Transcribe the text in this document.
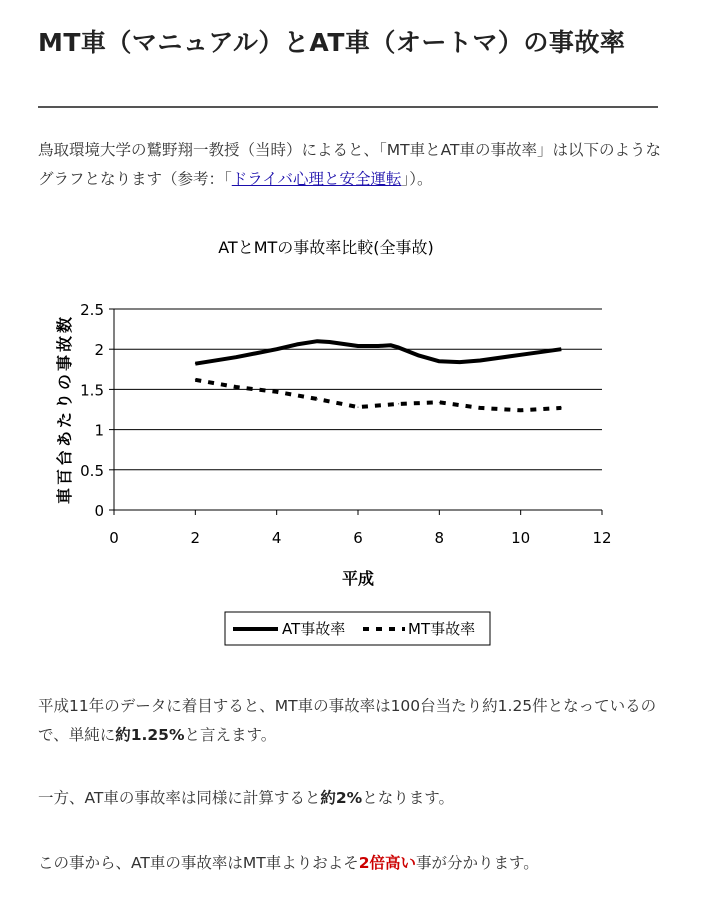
MT車（マニュアル）とAT車（オートマ）の事故率

鳥取環境大学の鷲野翔一教授（当時）によると、「MT車とAT車の事故率」は以下のようなグラフとなります（参考：「ドライバ心理と安全運転」）。

ATとMTの事故率比較(全事故)
0
0.5
1
1.5
2
2.5
0	2	4	6	8	10	12
平成
車百台あたりの事故数
AT事故率	MT事故率

平成11年のデータに着目すると、MT車の事故率は100台当たり約1.25件となっているので、単純に約1.25%と言えます。

一方、AT車の事故率は同様に計算すると約2%となります。

この事から、AT車の事故率はMT車よりおよそ2倍高い事が分かります。
